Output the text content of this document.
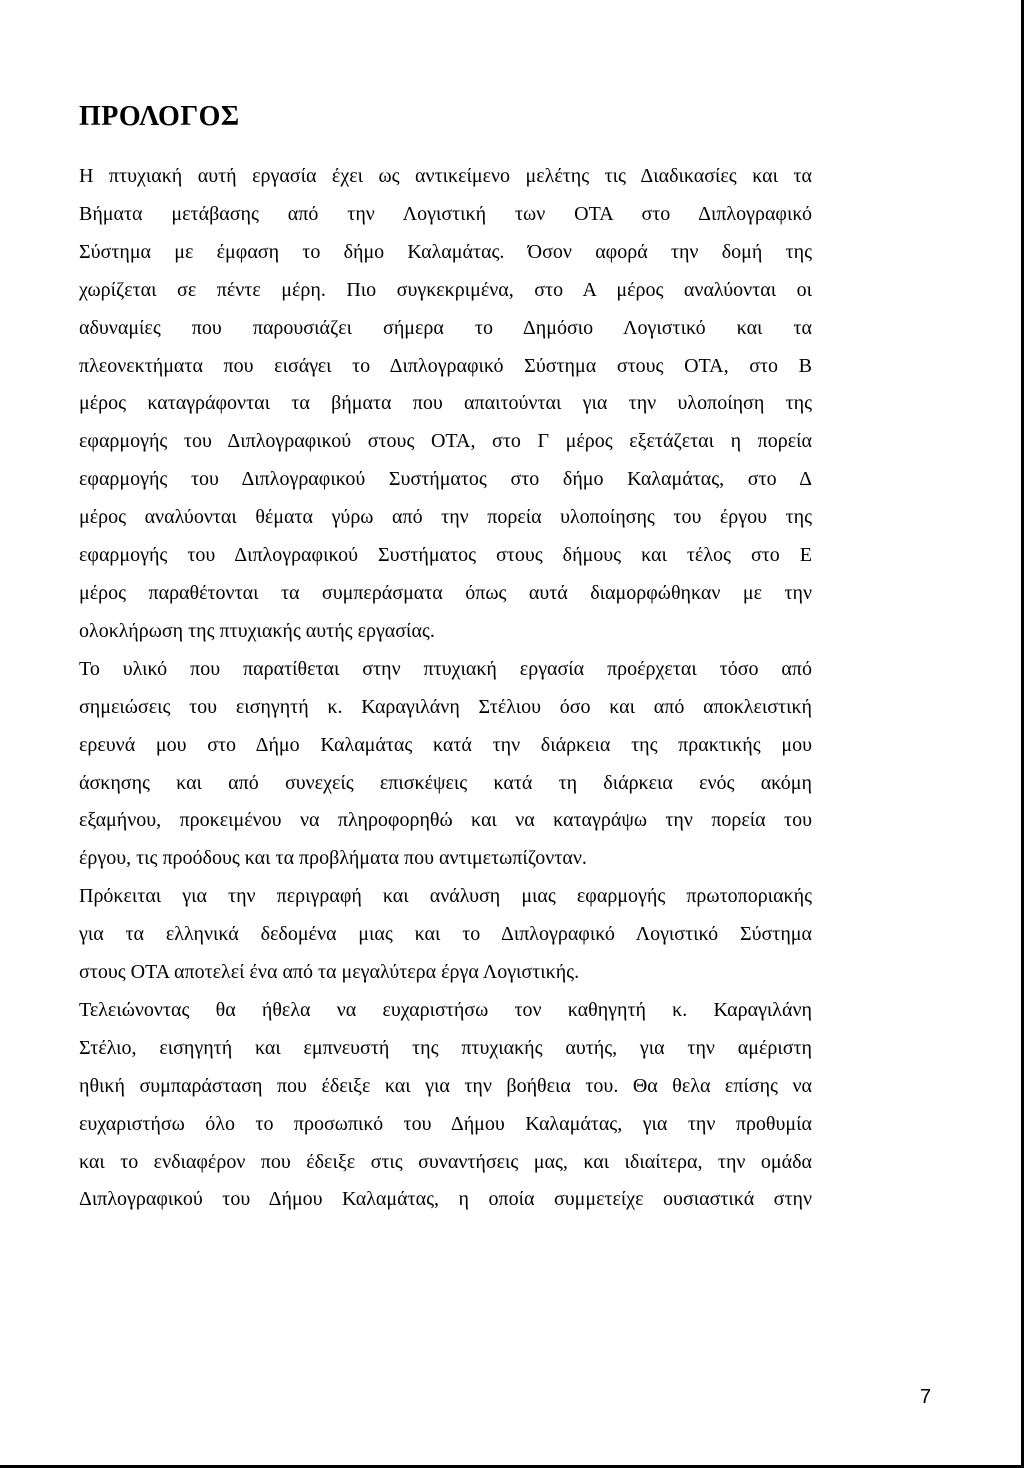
ΠΡΟΛΟΓΟΣ
Η πτυχιακή αυτή εργασία έχει ως αντικείμενο μελέτης τις Διαδικασίες και τα
Βήματα μετάβασης από την Λογιστική των ΟΤΑ στο Διπλογραφικό
Σύστημα με έμφαση το δήμο Καλαμάτας. Όσον αφορά την δομή της
χωρίζεται σε πέντε μέρη. Πιο συγκεκριμένα, στο Α μέρος αναλύονται οι
αδυναμίες που παρουσιάζει σήμερα το Δημόσιο Λογιστικό και τα
πλεονεκτήματα που εισάγει το Διπλογραφικό Σύστημα στους ΟΤΑ, στο Β
μέρος καταγράφονται τα βήματα που απαιτούνται για την υλοποίηση της
εφαρμογής του Διπλογραφικού στους ΟΤΑ, στο Γ μέρος εξετάζεται η πορεία
εφαρμογής του Διπλογραφικού Συστήματος στο δήμο Καλαμάτας, στο Δ
μέρος αναλύονται θέματα γύρω από την πορεία υλοποίησης του έργου της
εφαρμογής του Διπλογραφικού Συστήματος στους δήμους και τέλος στο Ε
μέρος παραθέτονται τα συμπεράσματα όπως αυτά διαμορφώθηκαν με την
ολοκλήρωση της πτυχιακής αυτής εργασίας.
Το υλικό που παρατίθεται στην πτυχιακή εργασία προέρχεται τόσο από
σημειώσεις του εισηγητή κ. Καραγιλάνη Στέλιου όσο και από αποκλειστική
ερευνά μου στο Δήμο Καλαμάτας κατά την διάρκεια της πρακτικής μου
άσκησης και από συνεχείς επισκέψεις κατά τη διάρκεια ενός ακόμη
εξαμήνου, προκειμένου να πληροφορηθώ και να καταγράψω την πορεία του
έργου, τις προόδους και τα προβλήματα που αντιμετωπίζονταν.
Πρόκειται για την περιγραφή και ανάλυση μιας εφαρμογής πρωτοποριακής
για τα ελληνικά δεδομένα μιας και το Διπλογραφικό Λογιστικό Σύστημα
στους ΟΤΑ αποτελεί ένα από τα μεγαλύτερα έργα Λογιστικής.
Τελειώνοντας θα ήθελα να ευχαριστήσω τον καθηγητή κ. Καραγιλάνη
Στέλιο, εισηγητή και εμπνευστή της πτυχιακής αυτής, για την αμέριστη
ηθική συμπαράσταση που έδειξε και για την βοήθεια του. Θα θελα επίσης να
ευχαριστήσω όλο το προσωπικό του Δήμου Καλαμάτας, για την προθυμία
και το ενδιαφέρον που έδειξε στις συναντήσεις μας, και ιδιαίτερα, την ομάδα
Διπλογραφικού του Δήμου Καλαμάτας, η οποία συμμετείχε ουσιαστικά στην
7
